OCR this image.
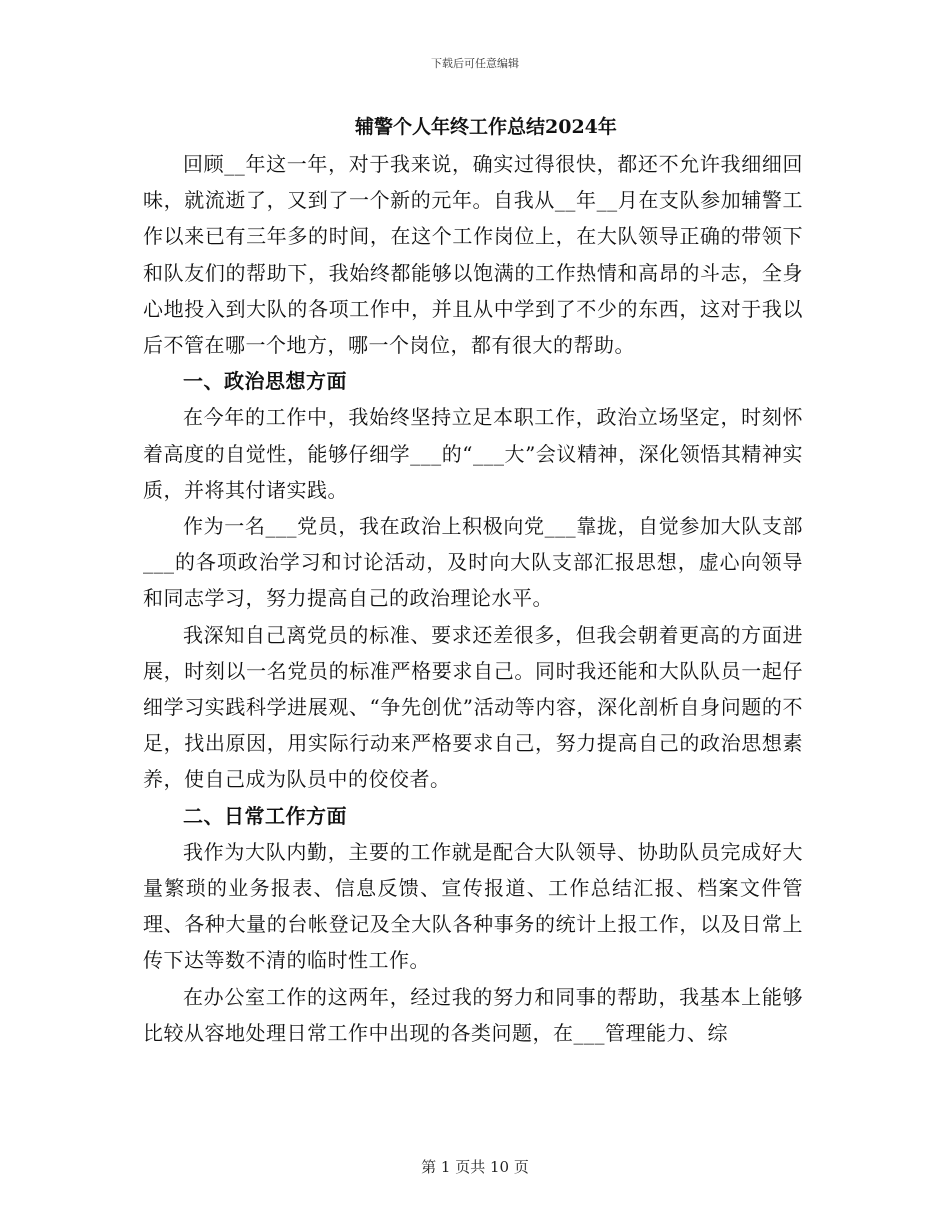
下载后可任意编辑
辅警个人年终工作总结2024年

回顾__年这一年，对于我来说，确实过得很快，都还不允许我细细回味，就流逝了，又到了一个新的元年。自我从__年__月在支队参加辅警工作以来已有三年多的时间，在这个工作岗位上，在大队领导正确的带领下和队友们的帮助下，我始终都能够以饱满的工作热情和高昂的斗志，全身心地投入到大队的各项工作中，并且从中学到了不少的东西，这对于我以后不管在哪一个地方，哪一个岗位，都有很大的帮助。

一、政治思想方面

在今年的工作中，我始终坚持立足本职工作，政治立场坚定，时刻怀着高度的自觉性，能够仔细学___的“___大”会议精神，深化领悟其精神实质，并将其付诸实践。

作为一名___党员，我在政治上积极向党___靠拢，自觉参加大队支部___的各项政治学习和讨论活动，及时向大队支部汇报思想，虚心向领导和同志学习，努力提高自己的政治理论水平。

我深知自己离党员的标准、要求还差很多，但我会朝着更高的方面进展，时刻以一名党员的标准严格要求自己。同时我还能和大队队员一起仔细学习实践科学进展观、“争先创优”活动等内容，深化剖析自身问题的不足，找出原因，用实际行动来严格要求自己，努力提高自己的政治思想素养，使自己成为队员中的佼佼者。

二、日常工作方面

我作为大队内勤，主要的工作就是配合大队领导、协助队员完成好大量繁琐的业务报表、信息反馈、宣传报道、工作总结汇报、档案文件管理、各种大量的台帐登记及全大队各种事务的统计上报工作，以及日常上传下达等数不清的临时性工作。

在办公室工作的这两年，经过我的努力和同事的帮助，我基本上能够比较从容地处理日常工作中出现的各类问题，在___管理能力、综

第 1 页共 10 页
